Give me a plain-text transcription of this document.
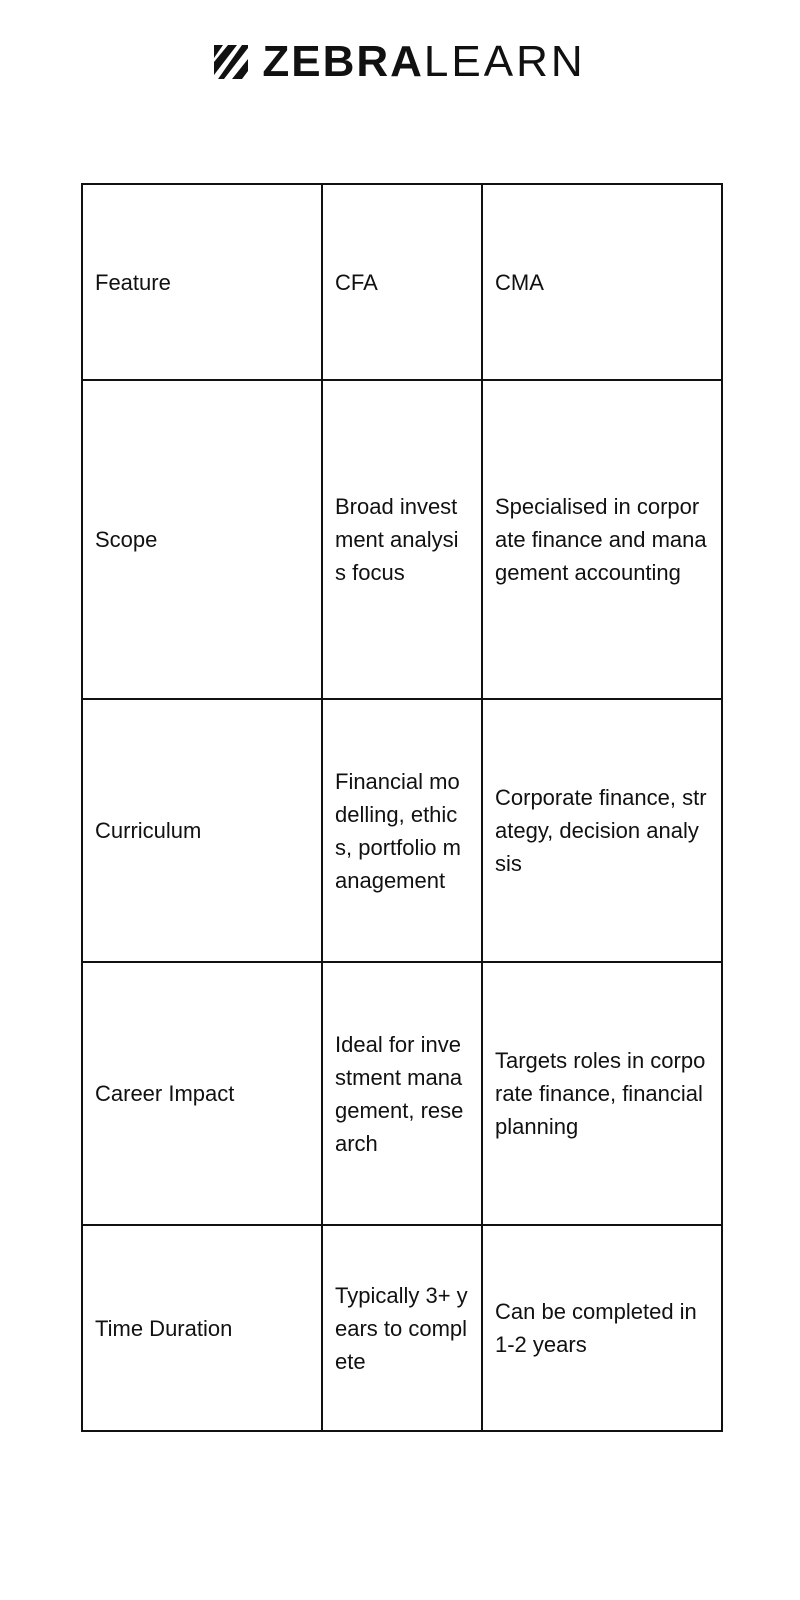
ZEBRALEARN
Feature	CFA	CMA
Scope	Broad investment analysis focus	Specialised in corporate finance and management accounting
Curriculum	Financial modelling, ethics, portfolio management	Corporate finance, strategy, decision analysis
Career Impact	Ideal for investment management, research	Targets roles in corporate finance, financial planning
Time Duration	Typically 3+ years to complete	Can be completed in 1-2 years
